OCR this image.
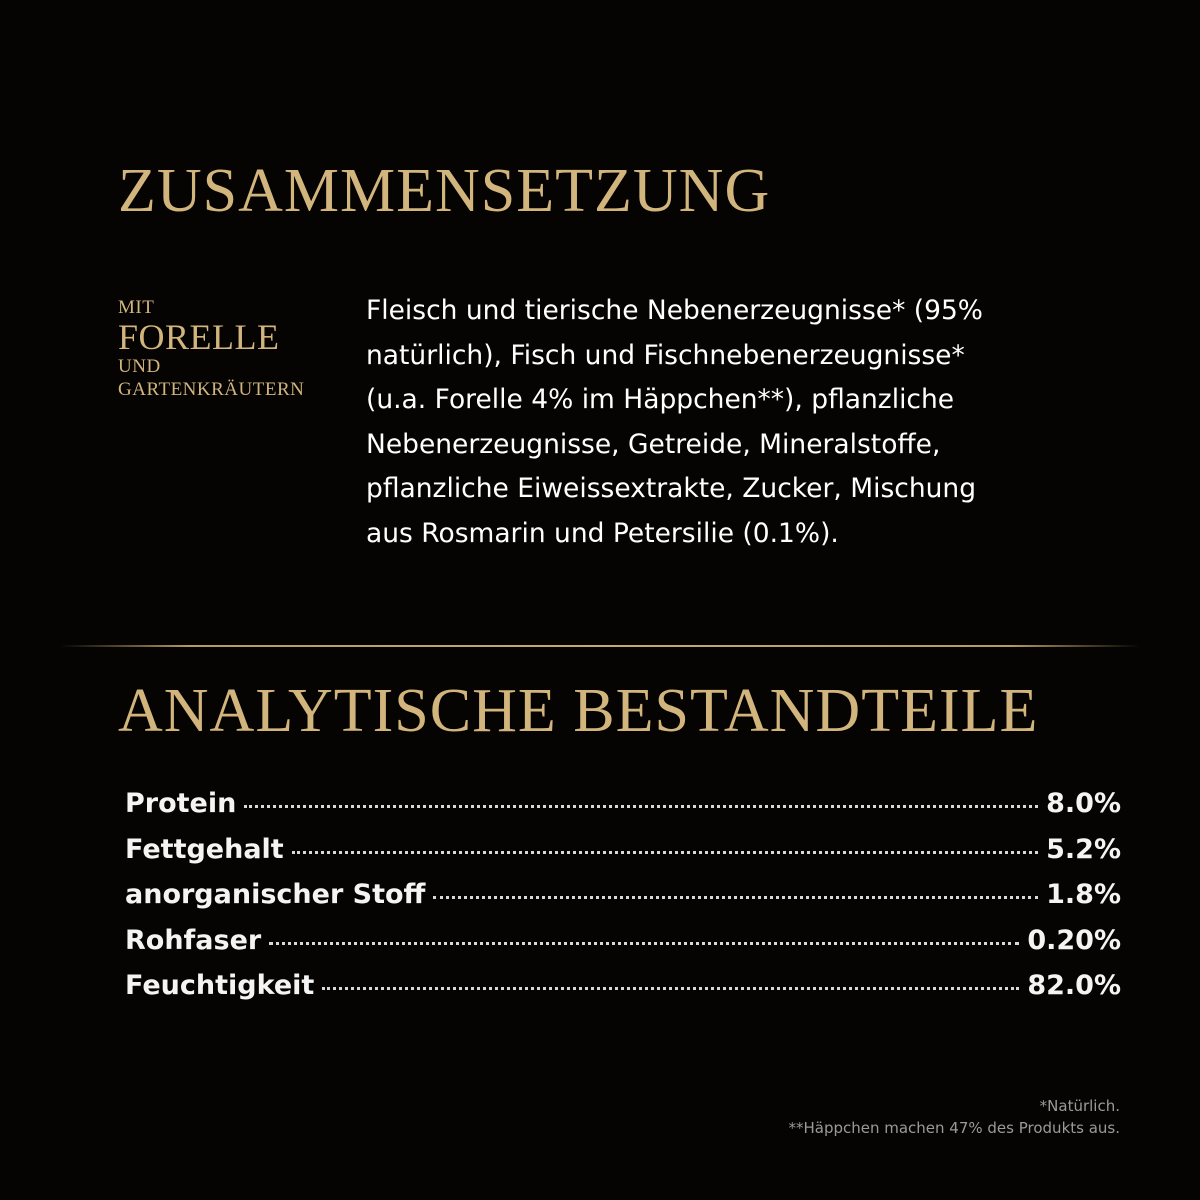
ZUSAMMENSETZUNG
MIT
FORELLE
UND
GARTENKRÄUTERN
Fleisch und tierische Nebenerzeugnisse* (95%
natürlich), Fisch und Fischnebenerzeugnisse*
(u.a. Forelle 4% im Häppchen**), pflanzliche
Nebenerzeugnisse, Getreide, Mineralstoffe,
pflanzliche Eiweissextrakte, Zucker, Mischung
aus Rosmarin und Petersilie (0.1%).
ANALYTISCHE BESTANDTEILE
Protein	8.0%
Fettgehalt	5.2%
anorganischer Stoff	1.8%
Rohfaser	0.20%
Feuchtigkeit	82.0%
*Natürlich.
**Häppchen machen 47% des Produkts aus.
